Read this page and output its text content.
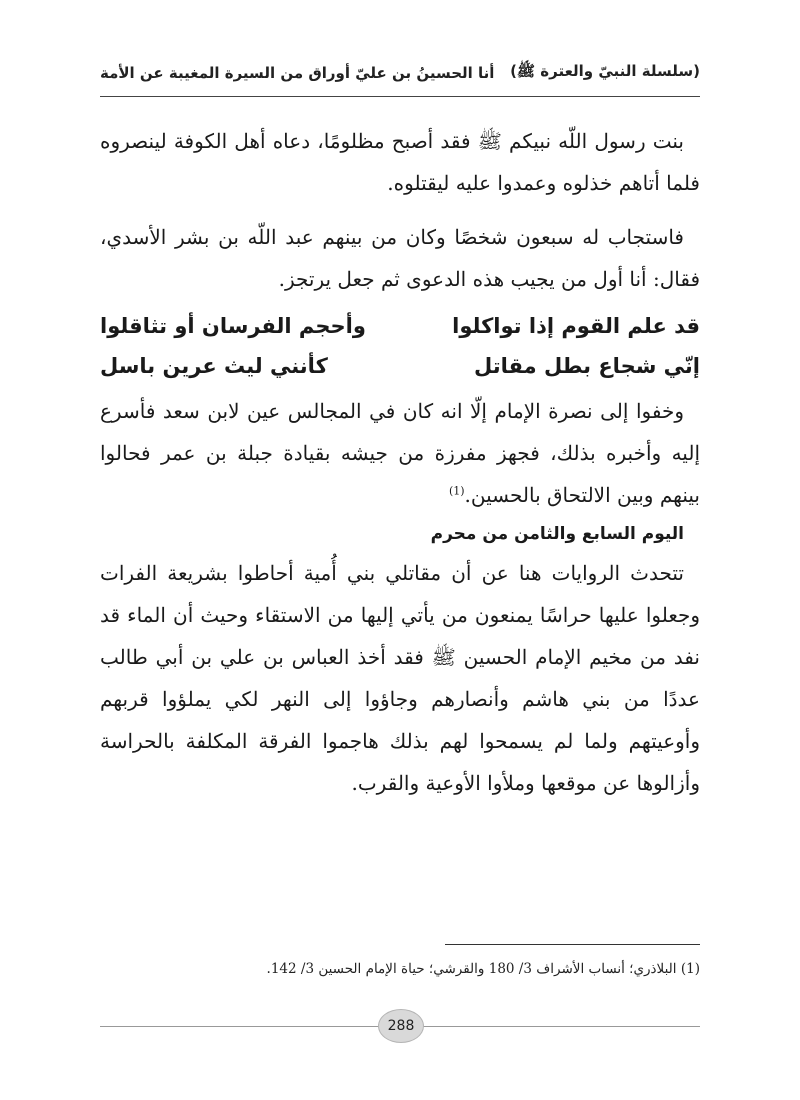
(سلسلة النبيّ والعترة ﷺ)
أنا الحسينُ بن عليّ أوراق من السيرة المغيبة عن الأمة

بنت رسول اللّه نبيكم ﷺ فقد أصبح مظلومًا، دعاه أهل الكوفة لينصروه فلما أتاهم خذلوه وعمدوا عليه ليقتلوه.

فاستجاب له سبعون شخصًا وكان من بينهم عبد اللّه بن بشر الأسدي، فقال: أنا أول من يجيب هذه الدعوى ثم جعل يرتجز.

قد علم القوم إذا تواكلوا
وأحجم الفرسان أو تثاقلوا
إنّي شجاع بطل مقاتل
كأنني ليث عرين باسل

وخفوا إلى نصرة الإمام إلّا انه كان في المجالس عين لابن سعد فأسرع إليه وأخبره بذلك، فجهز مفرزة من جيشه بقيادة جبلة بن عمر فحالوا بينهم وبين الالتحاق بالحسين.$^{(1)}$

اليوم السابع والثامن من محرم

تتحدث الروايات هنا عن أن مقاتلي بني أُمية أحاطوا بشريعة الفرات وجعلوا عليها حراسًا يمنعون من يأتي إليها من الاستقاء وحيث أن الماء قد نفد من مخيم الإمام الحسين ﷺ فقد أخذ العباس بن علي بن أبي طالب عددًا من بني هاشم وأنصارهم وجاؤوا إلى النهر لكي يملؤوا قربهم وأوعيتهم ولما لم يسمحوا لهم بذلك هاجموا الفرقة المكلفة بالحراسة وأزالوها عن موقعها وملأوا الأوعية والقرب.

(1) البلاذري؛ أنساب الأشراف 3/ 180 والقرشي؛ حياة الإمام الحسين 3/ 142.
288
